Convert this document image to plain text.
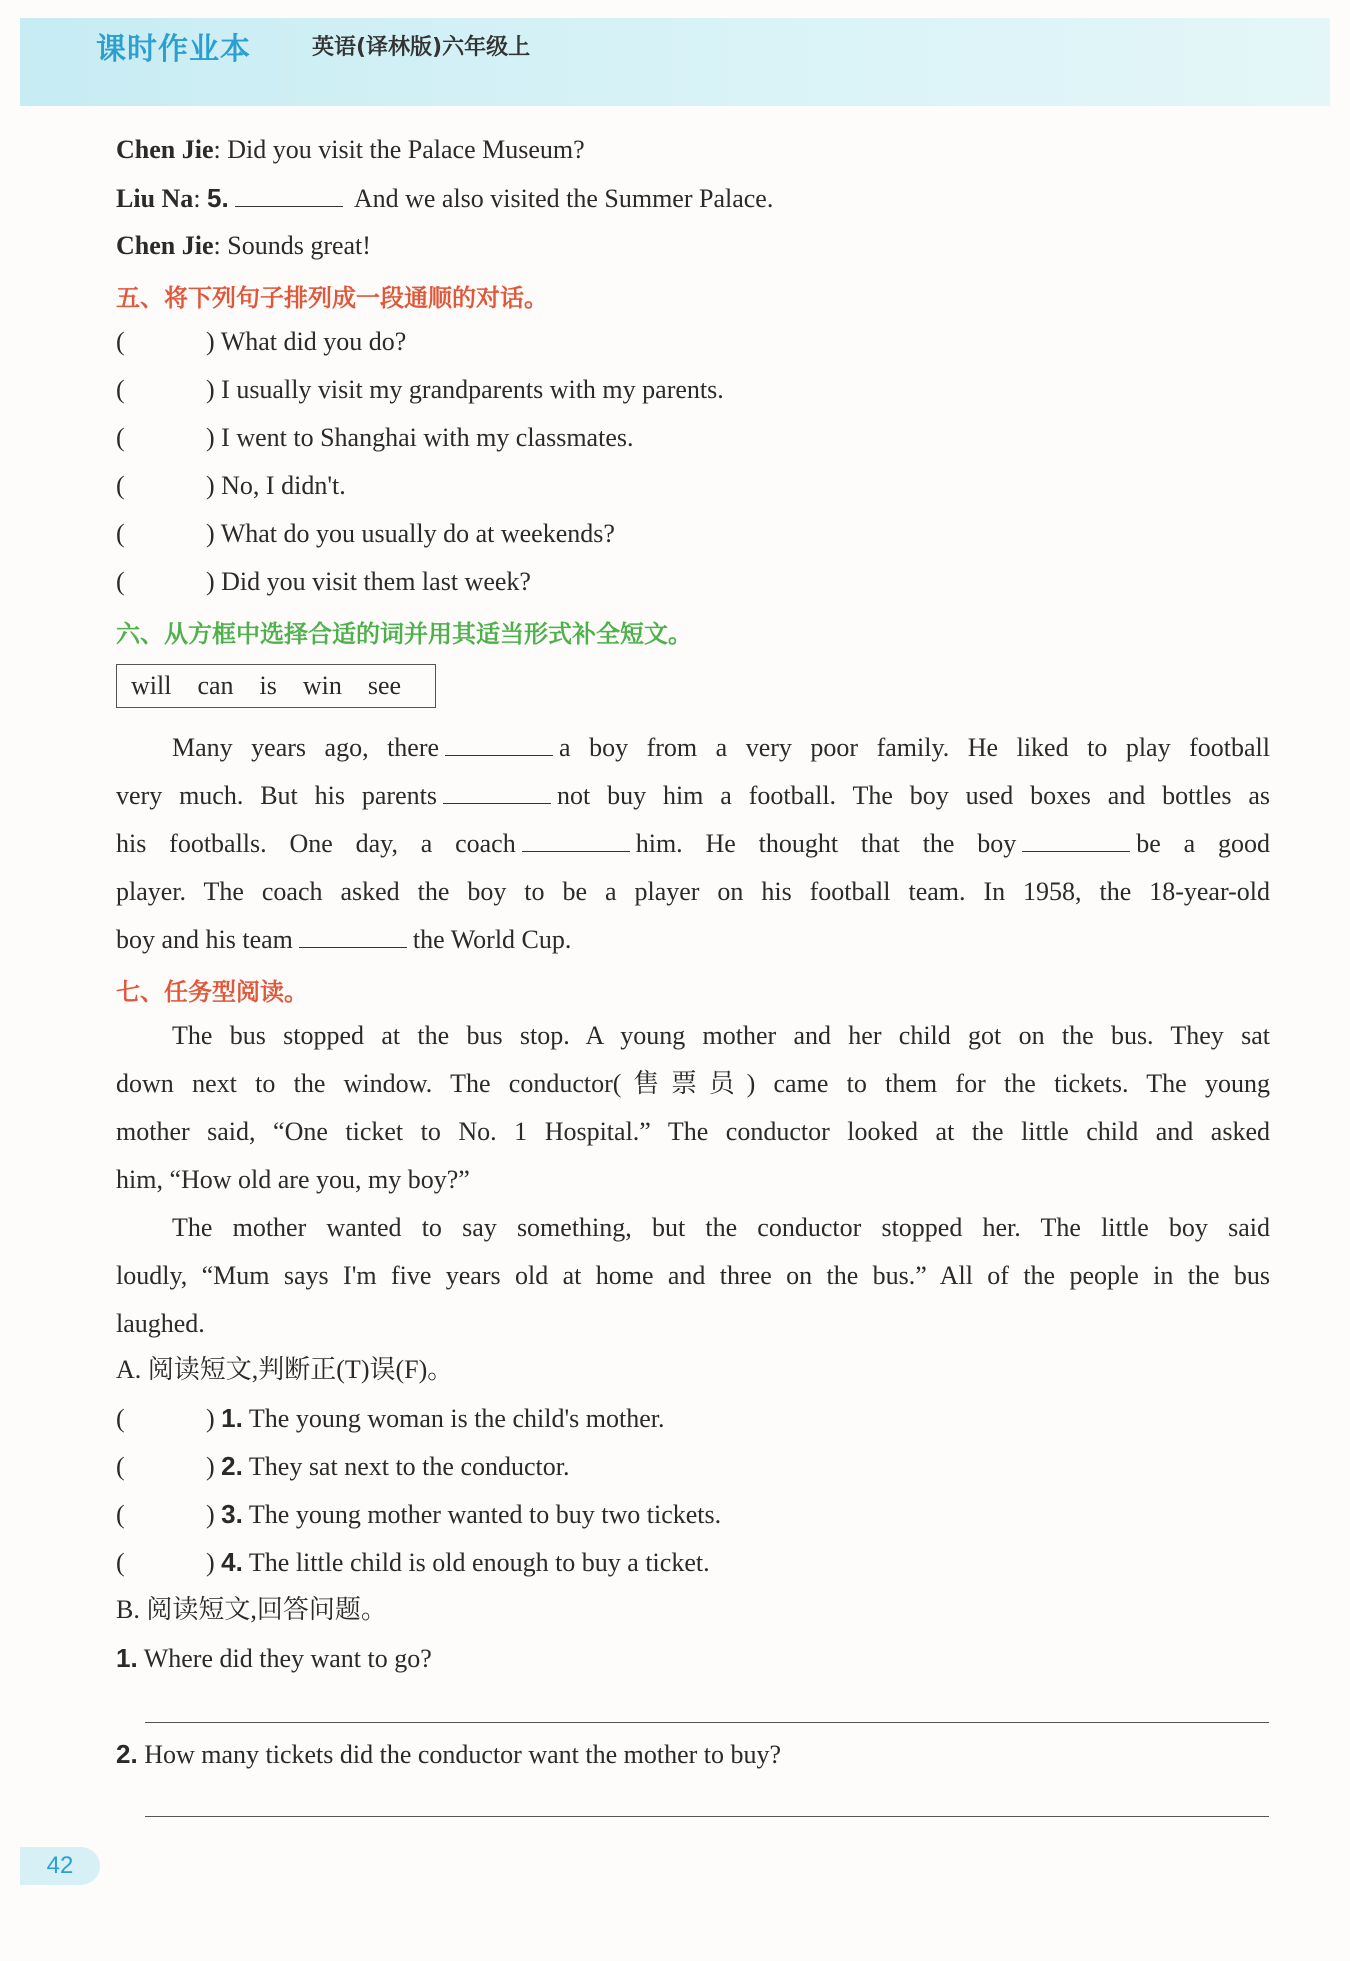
课时作业本	英语(译林版)六年级上
Chen Jie: Did you visit the Palace Museum?
Liu Na: 5.	And we also visited the Summer Palace.
Chen Jie: Sounds great!
五、将下列句子排列成一段通顺的对话。
(	) What did you do?
(	) I usually visit my grandparents with my parents.
(	) I went to Shanghai with my classmates.
(	) No, I didn't.
(	) What do you usually do at weekends?
(	) Did you visit them last week?
六、从方框中选择合适的词并用其适当形式补全短文。
will can is win see
Many years ago, there	a boy from a very poor family. He liked to play football
very much. But his parents	not buy him a football. The boy used boxes and bottles as
his footballs. One day, a coach	him. He thought that the boy	be a good
player. The coach asked the boy to be a player on his football team. In 1958, the 18-year-old
boy and his team	the World Cup.
七、任务型阅读。
The bus stopped at the bus stop. A young mother and her child got on the bus. They sat
down next to the window. The conductor(售票员) came to them for the tickets. The young
mother said, “One ticket to No. 1 Hospital.” The conductor looked at the little child and asked
him, “How old are you, my boy?”
The mother wanted to say something, but the conductor stopped her. The little boy said
loudly, “Mum says I'm five years old at home and three on the bus.” All of the people in the bus
laughed.
A. 阅读短文,判断正(T)误(F)。
(	) 1. The young woman is the child's mother.
(	) 2. They sat next to the conductor.
(	) 3. The young mother wanted to buy two tickets.
(	) 4. The little child is old enough to buy a ticket.
B. 阅读短文,回答问题。
1. Where did they want to go?
2. How many tickets did the conductor want the mother to buy?
42
